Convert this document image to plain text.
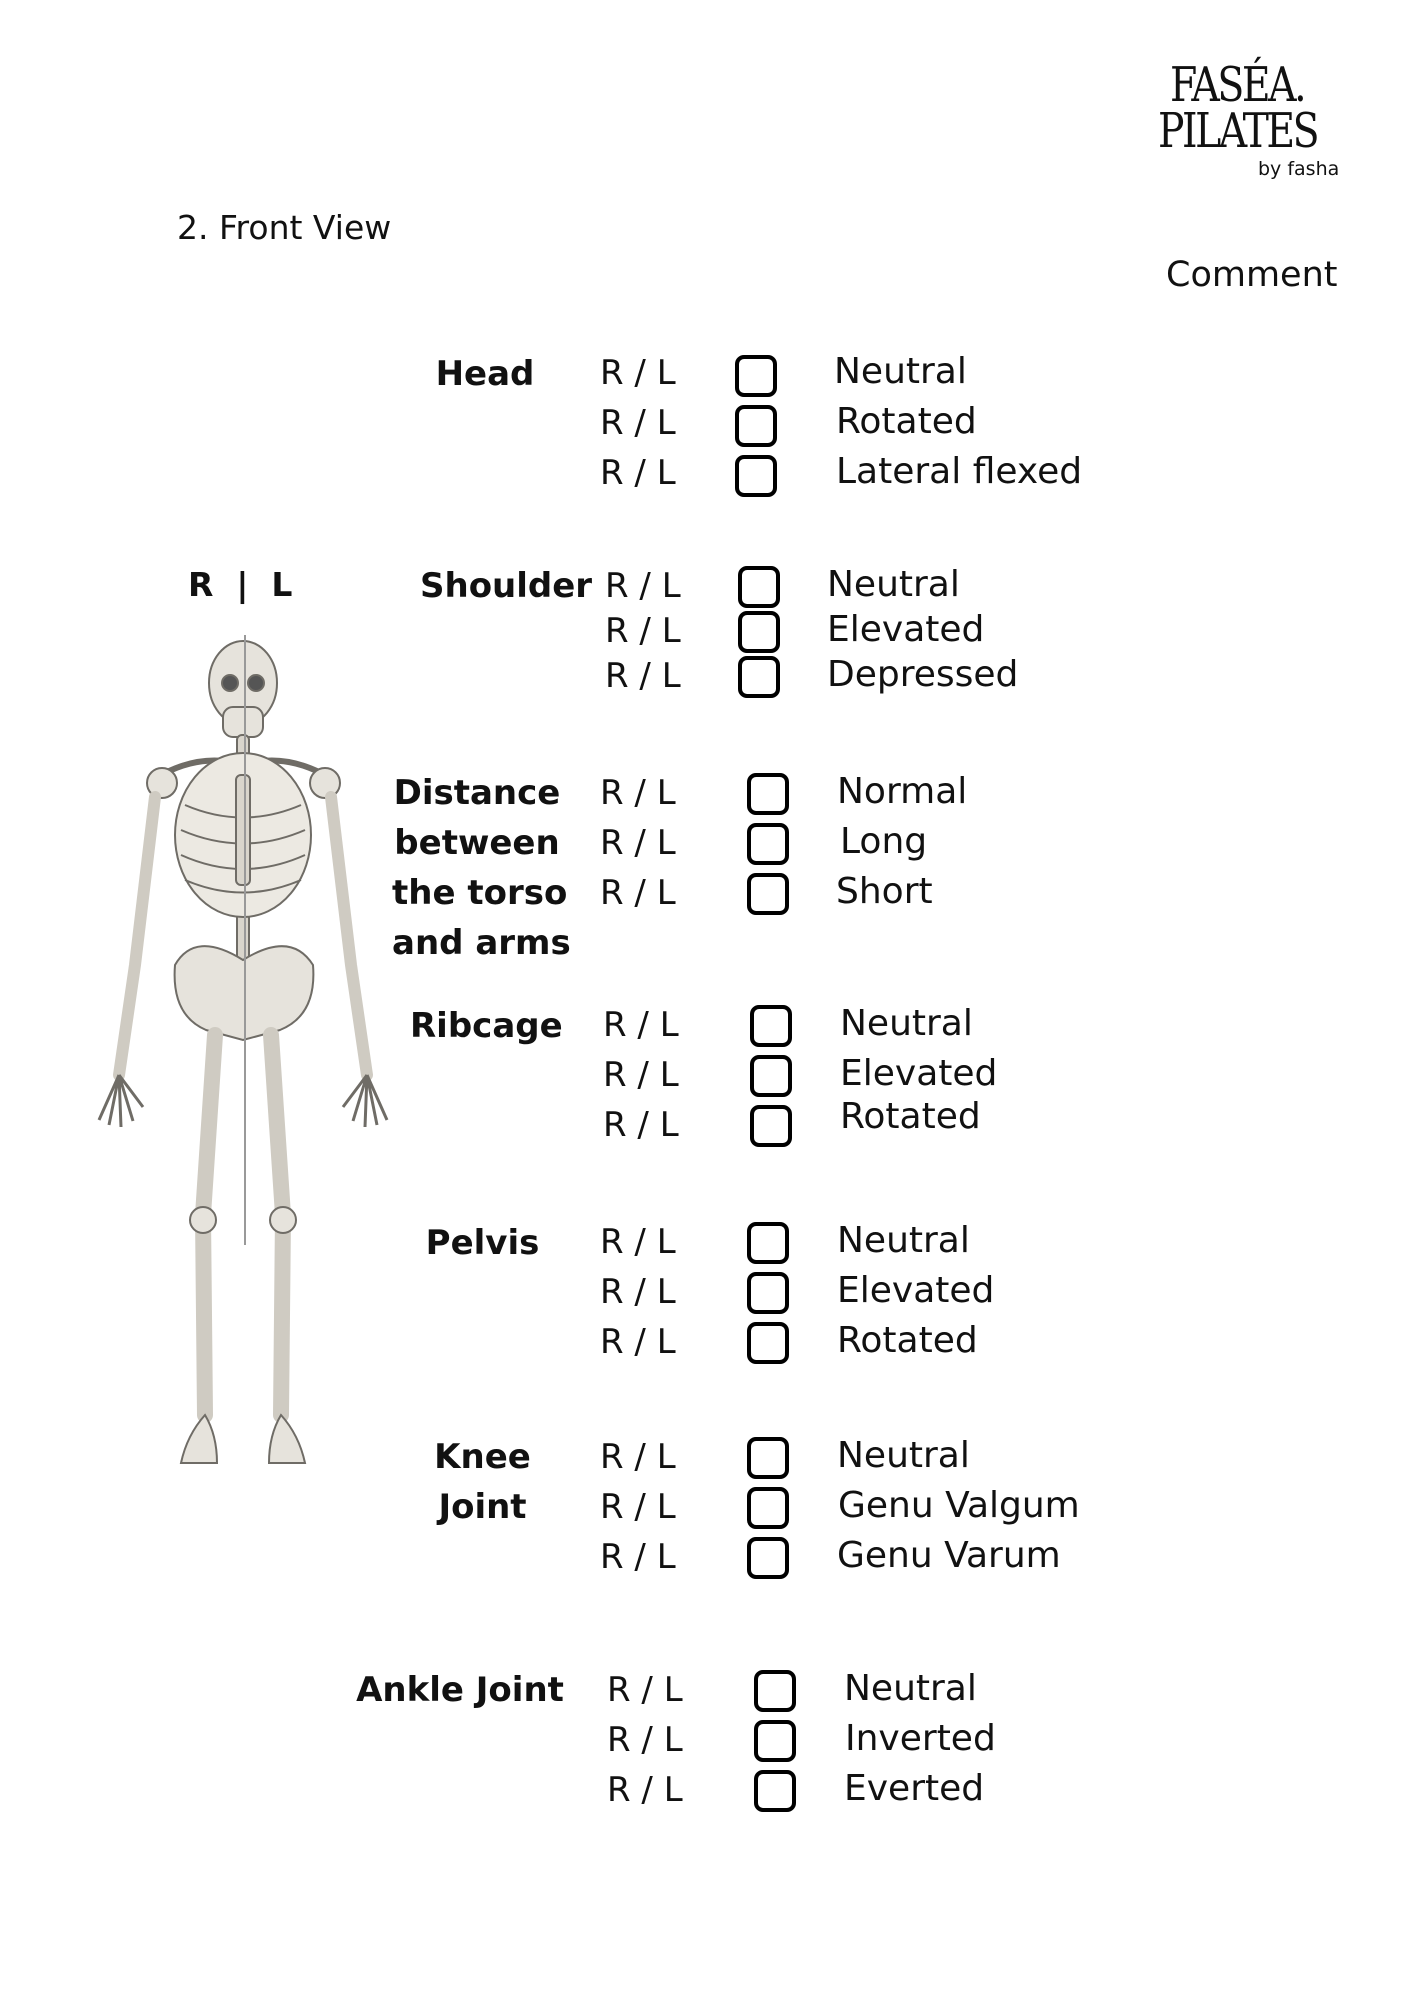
FASÉA.
PILATES
by fasha
2. Front View
Comment
R  |  L
Head	R / L
R / L
R / L
Neutral
Rotated
Lateral flexed
Shoulder R / L
R / L
R / L
Neutral
Elevated
Depressed
Distance
between
the torso
and arms
R / L
R / L
R / L
Normal
Long
Short
Ribcage R / L
R / L
R / L
Neutral
Elevated
Rotated
Pelvis R / L
R / L
R / L
Neutral
Elevated
Rotated
Knee
Joint
R / L
R / L
R / L
Neutral
Genu Valgum
Genu Varum
Ankle Joint R / L
R / L
R / L
Neutral
Inverted
Everted
